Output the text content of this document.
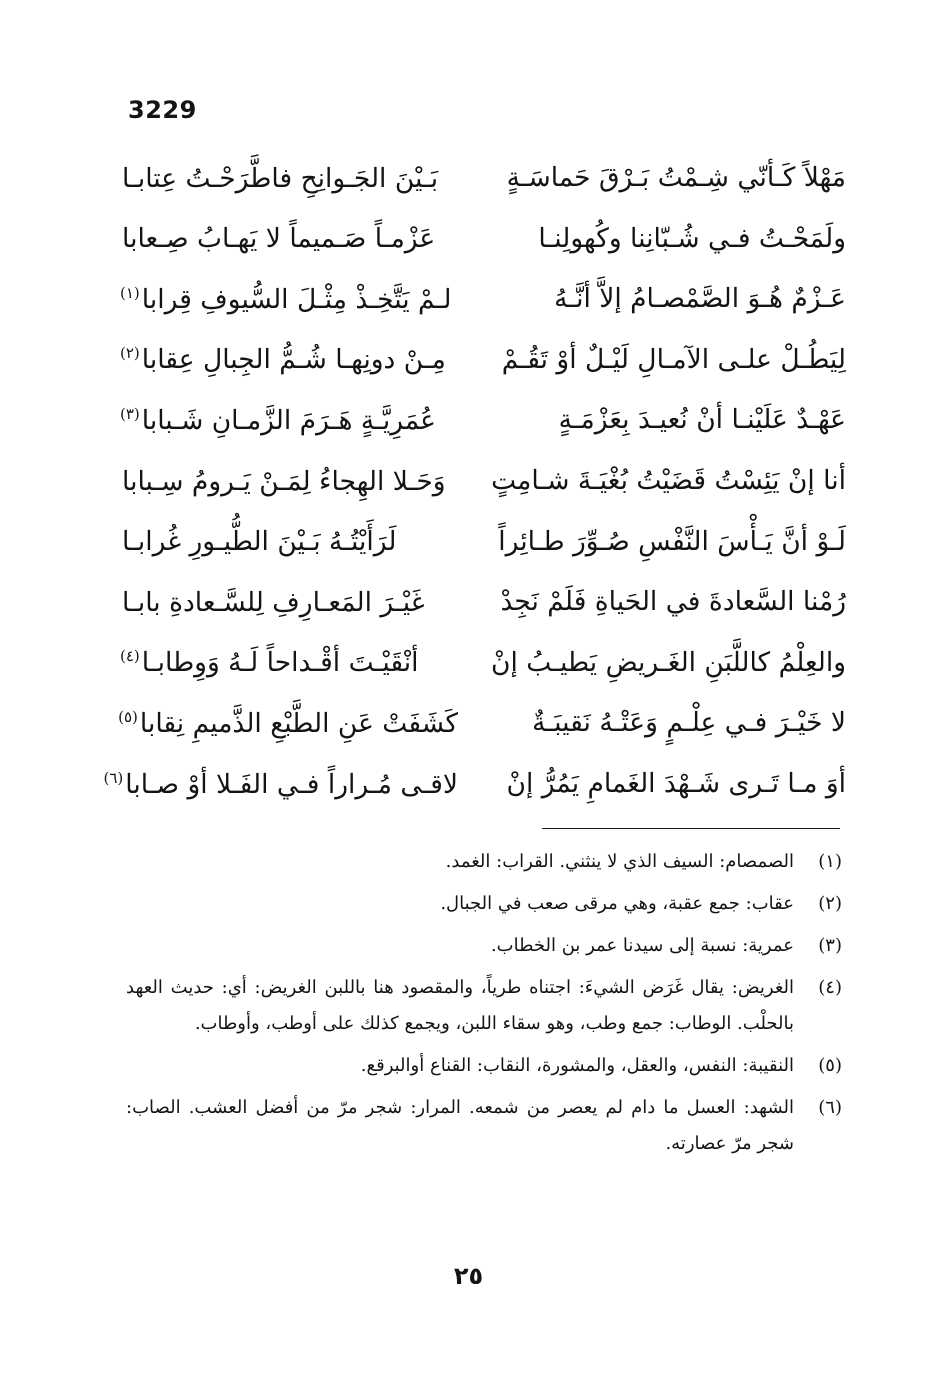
3229
مَهْلاً كَـأنّي شِـمْتُ بَـرْقَ حَماسَـةٍ
بَـيْنَ الجَـوانِحِ فاطَّرَحْـتُ عِتابـا
ولَمَحْـتُ فـي شُـبّانِنا وكُهولِنـا
عَزْمـاً صَـميماً لا يَهـابُ صِـعابا
عَـزْمٌ هُـوَ الصَّمْصـامُ إلاَّ أنَّـهُ
لـمْ يَتَّخِـذْ مِثْـلَ السُّيوفِ قِرابا$^{(١)}$
لِيَطُـلْ علـى الآمـالِ لَيْـلٌ أوْ تَقُـمْ
مِـنْ دونِهـا شُـمُّ الجِبالِ عِقابا$^{(٢)}$
عَهْـدٌ عَلَيْنـا أنْ نُعيـدَ بِعَزْمَـةٍ
عُمَرِيَّـةٍ هَـرَمَ الزَّمـانِ شَـبابا$^{(٣)}$
أنا إنْ يَئِسْتُ قَضَيْتُ بُغْيَـةَ شـامِتٍ
وَحَـلا الهِجاءُ لِمَـنْ يَـرومُ سِـبابا
لَـوْ أنَّ يَـأْسَ النَّفْسِ صُـوِّرَ طـائِراً
لَرَأَيْتُـهُ بَـيْنَ الطُّيـورِ غُرابـا
رُمْنا السَّعادةَ في الحَياةِ فَلَمْ نَجِدْ
غَيْـرَ المَعـارِفِ لِلسَّـعادةِ بابـا
والعِلْمُ كاللَّبَنِ الغَـريضِ يَطيـبُ إنْ
أنْقَيْـتَ أقْـداحاً لَـهُ وَوِطابـا$^{(٤)}$
لا خَيْـرَ فـي عِلْـمٍ وَعَتْـهُ نَقيبَـةٌ
كَشَفَتْ عَنِ الطَّبْعِ الذَّميمِ نِقابا$^{(٥)}$
أوَ مـا تَـرى شَـهْدَ الغَمامِ يَمُرُّ إنْ
لاقـى مُـراراً فـي الفَـلا أوْ صـابا$^{(٦)}$
(١)
الصمصام: السيف الذي لا ينثني. القراب: الغمد.
(٢)
عقاب: جمع عقبة، وهي مرقى صعب في الجبال.
(٣)
عمرية: نسبة إلى سيدنا عمر بن الخطاب.
(٤)
الغريض: يقال غَرَض الشيءَ: اجتناه طرياً، والمقصود هنا باللبن الغريض: أي: حديث العهد بالحلْب. الوطاب: جمع وطب، وهو سقاء اللبن، ويجمع كذلك على أوطب، وأوطاب.
(٥)
النقيبة: النفس، والعقل، والمشورة، النقاب: القناع أوالبرقع.
(٦)
الشهد: العسل ما دام لم يعصر من شمعه. المرار: شجر مرّ من أفضل العشب. الصاب: شجر مرّ عصارته.
٢٥
